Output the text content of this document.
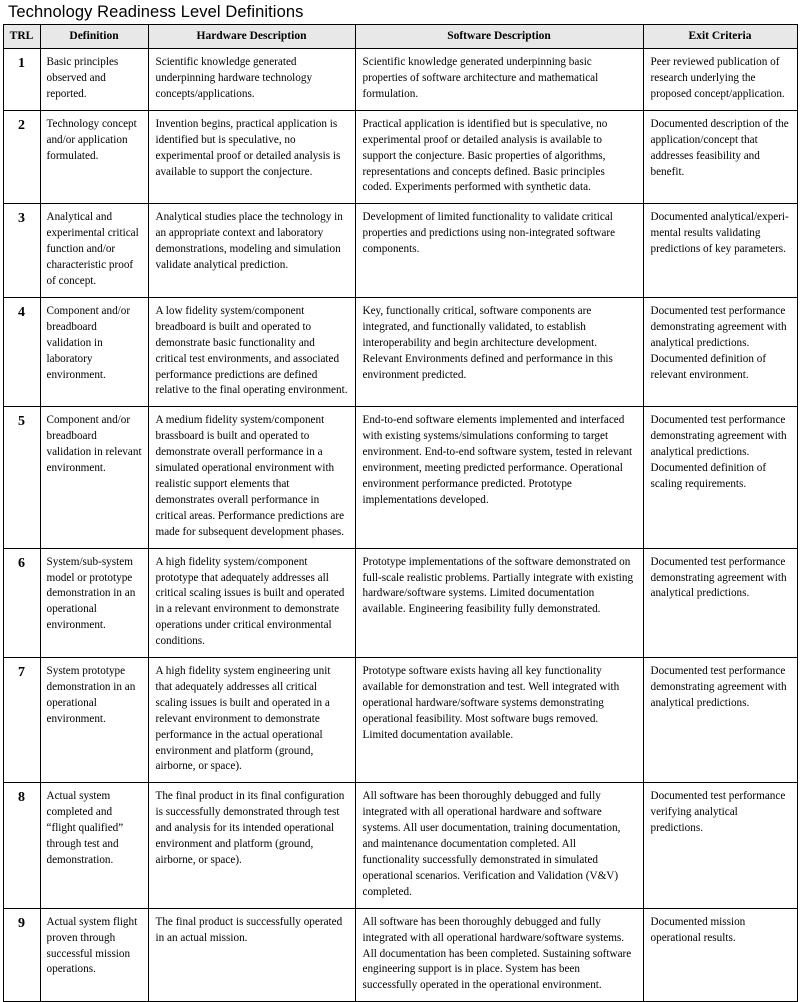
Technology Readiness Level Definitions
TRL	Definition	Hardware Description	Software Description	Exit Criteria
1	Basic principles observed and reported.	Scientific knowledge generated underpinning hardware technology concepts/applications.	Scientific knowledge generated underpinning basic properties of software architecture and mathematical formulation.	Peer reviewed publication of research underlying the proposed concept/application.
2	Technology concept and/or application formulated.	Invention begins, practical application is identified but is speculative, no experimental proof or detailed analysis is available to support the conjecture.	Practical application is identified but is speculative, no experimental proof or detailed analysis is available to support the conjecture. Basic properties of algorithms, representations and concepts defined. Basic principles coded. Experiments performed with synthetic data.	Documented description of the application/concept that addresses feasibility and benefit.
3	Analytical and experimental critical function and/or characteristic proof of concept.	Analytical studies place the technology in an appropriate context and laboratory demonstrations, modeling and simulation validate analytical prediction.	Development of limited functionality to validate critical properties and predictions using non-integrated software components.	Documented analytical/experi-mental results validating predictions of key parameters.
4	Component and/or breadboard validation in laboratory environment.	A low fidelity system/component breadboard is built and operated to demonstrate basic functionality and critical test environments, and associated performance predictions are defined relative to the final operating environment.	Key, functionally critical, software components are integrated, and functionally validated, to establish interoperability and begin architecture development. Relevant Environments defined and performance in this environment predicted.	Documented test performance demonstrating agreement with analytical predictions. Documented definition of relevant environment.
5	Component and/or breadboard validation in relevant environment.	A medium fidelity system/component brassboard is built and operated to demonstrate overall performance in a simulated operational environment with realistic support elements that demonstrates overall performance in critical areas. Performance predictions are made for subsequent development phases.	End-to-end software elements implemented and interfaced with existing systems/simulations conforming to target environment. End-to-end software system, tested in relevant environment, meeting predicted performance. Operational environment performance predicted. Prototype implementations developed.	Documented test performance demonstrating agreement with analytical predictions. Documented definition of scaling requirements.
6	System/sub-system model or prototype demonstration in an operational environment.	A high fidelity system/component prototype that adequately addresses all critical scaling issues is built and operated in a relevant environment to demonstrate operations under critical environmental conditions.	Prototype implementations of the software demonstrated on full-scale realistic problems. Partially integrate with existing hardware/software systems. Limited documentation available. Engineering feasibility fully demonstrated.	Documented test performance demonstrating agreement with analytical predictions.
7	System prototype demonstration in an operational environment.	A high fidelity system engineering unit that adequately addresses all critical scaling issues is built and operated in a relevant environment to demonstrate performance in the actual operational environment and platform (ground, airborne, or space).	Prototype software exists having all key functionality available for demonstration and test. Well integrated with operational hardware/software systems demonstrating operational feasibility. Most software bugs removed. Limited documentation available.	Documented test performance demonstrating agreement with analytical predictions.
8	Actual system completed and “flight qualified” through test and demonstration.	The final product in its final configuration is successfully demonstrated through test and analysis for its intended operational environment and platform (ground, airborne, or space).	All software has been thoroughly debugged and fully integrated with all operational hardware and software systems. All user documentation, training documentation, and maintenance documentation completed. All functionality successfully demonstrated in simulated operational scenarios. Verification and Validation (V&V) completed.	Documented test performance verifying analytical predictions.
9	Actual system flight proven through successful mission operations.	The final product is successfully operated in an actual mission.	All software has been thoroughly debugged and fully integrated with all operational hardware/software systems. All documentation has been completed. Sustaining software engineering support is in place. System has been successfully operated in the operational environment.	Documented mission operational results.
